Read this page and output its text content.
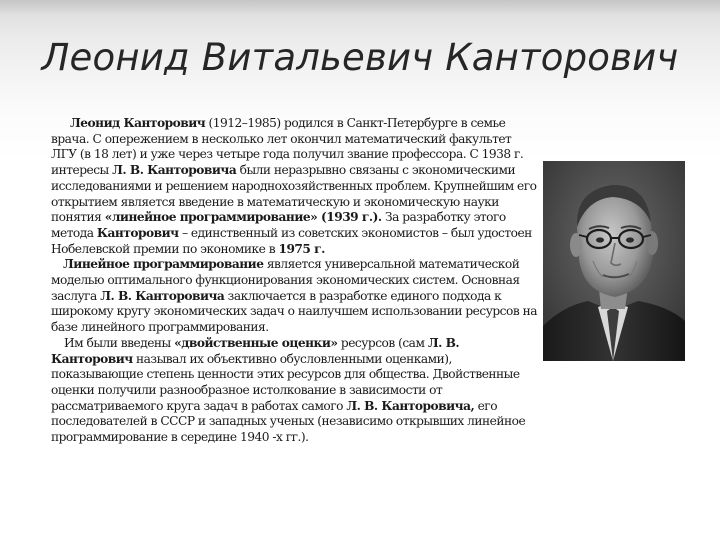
Леонид Витальевич Канторович

Леонид Канторович (1912–1985) родился в Санкт-Петербурге в семье врача. С опережением в несколько лет окончил математический факультет ЛГУ (в 18 лет) и уже через четыре года получил звание профессора. С 1938 г. интересы Л. В. Канторовича были неразрывно связаны с экономическими исследованиями и решением народнохозяйственных проблем. Крупнейшим его открытием является введение в математическую и экономическую науки понятия «линейное программирование» (1939 г.). За разработку этого метода Канторович – единственный из советских экономистов – был удостоен Нобелевской премии по экономике в 1975 г.

Линейное программирование является универсальной математической моделью оптимального функционирования экономических систем. Основная заслуга Л. В. Канторовича заключается в разработке единого подхода к широкому кругу экономических задач о наилучшем использовании ресурсов на базе линейного программирования.

Им были введены «двойственные оценки» ресурсов (сам Л. В. Канторович называл их объективно обусловленными оценками), показывающие степень ценности этих ресурсов для общества. Двойственные оценки получили разнообразное истолкование в зависимости от рассматриваемого круга задач в работах самого Л. В. Канторовича, его последователей в СССР и западных ученых (независимо открывших линейное программирование в середине 1940 -х гг.).
